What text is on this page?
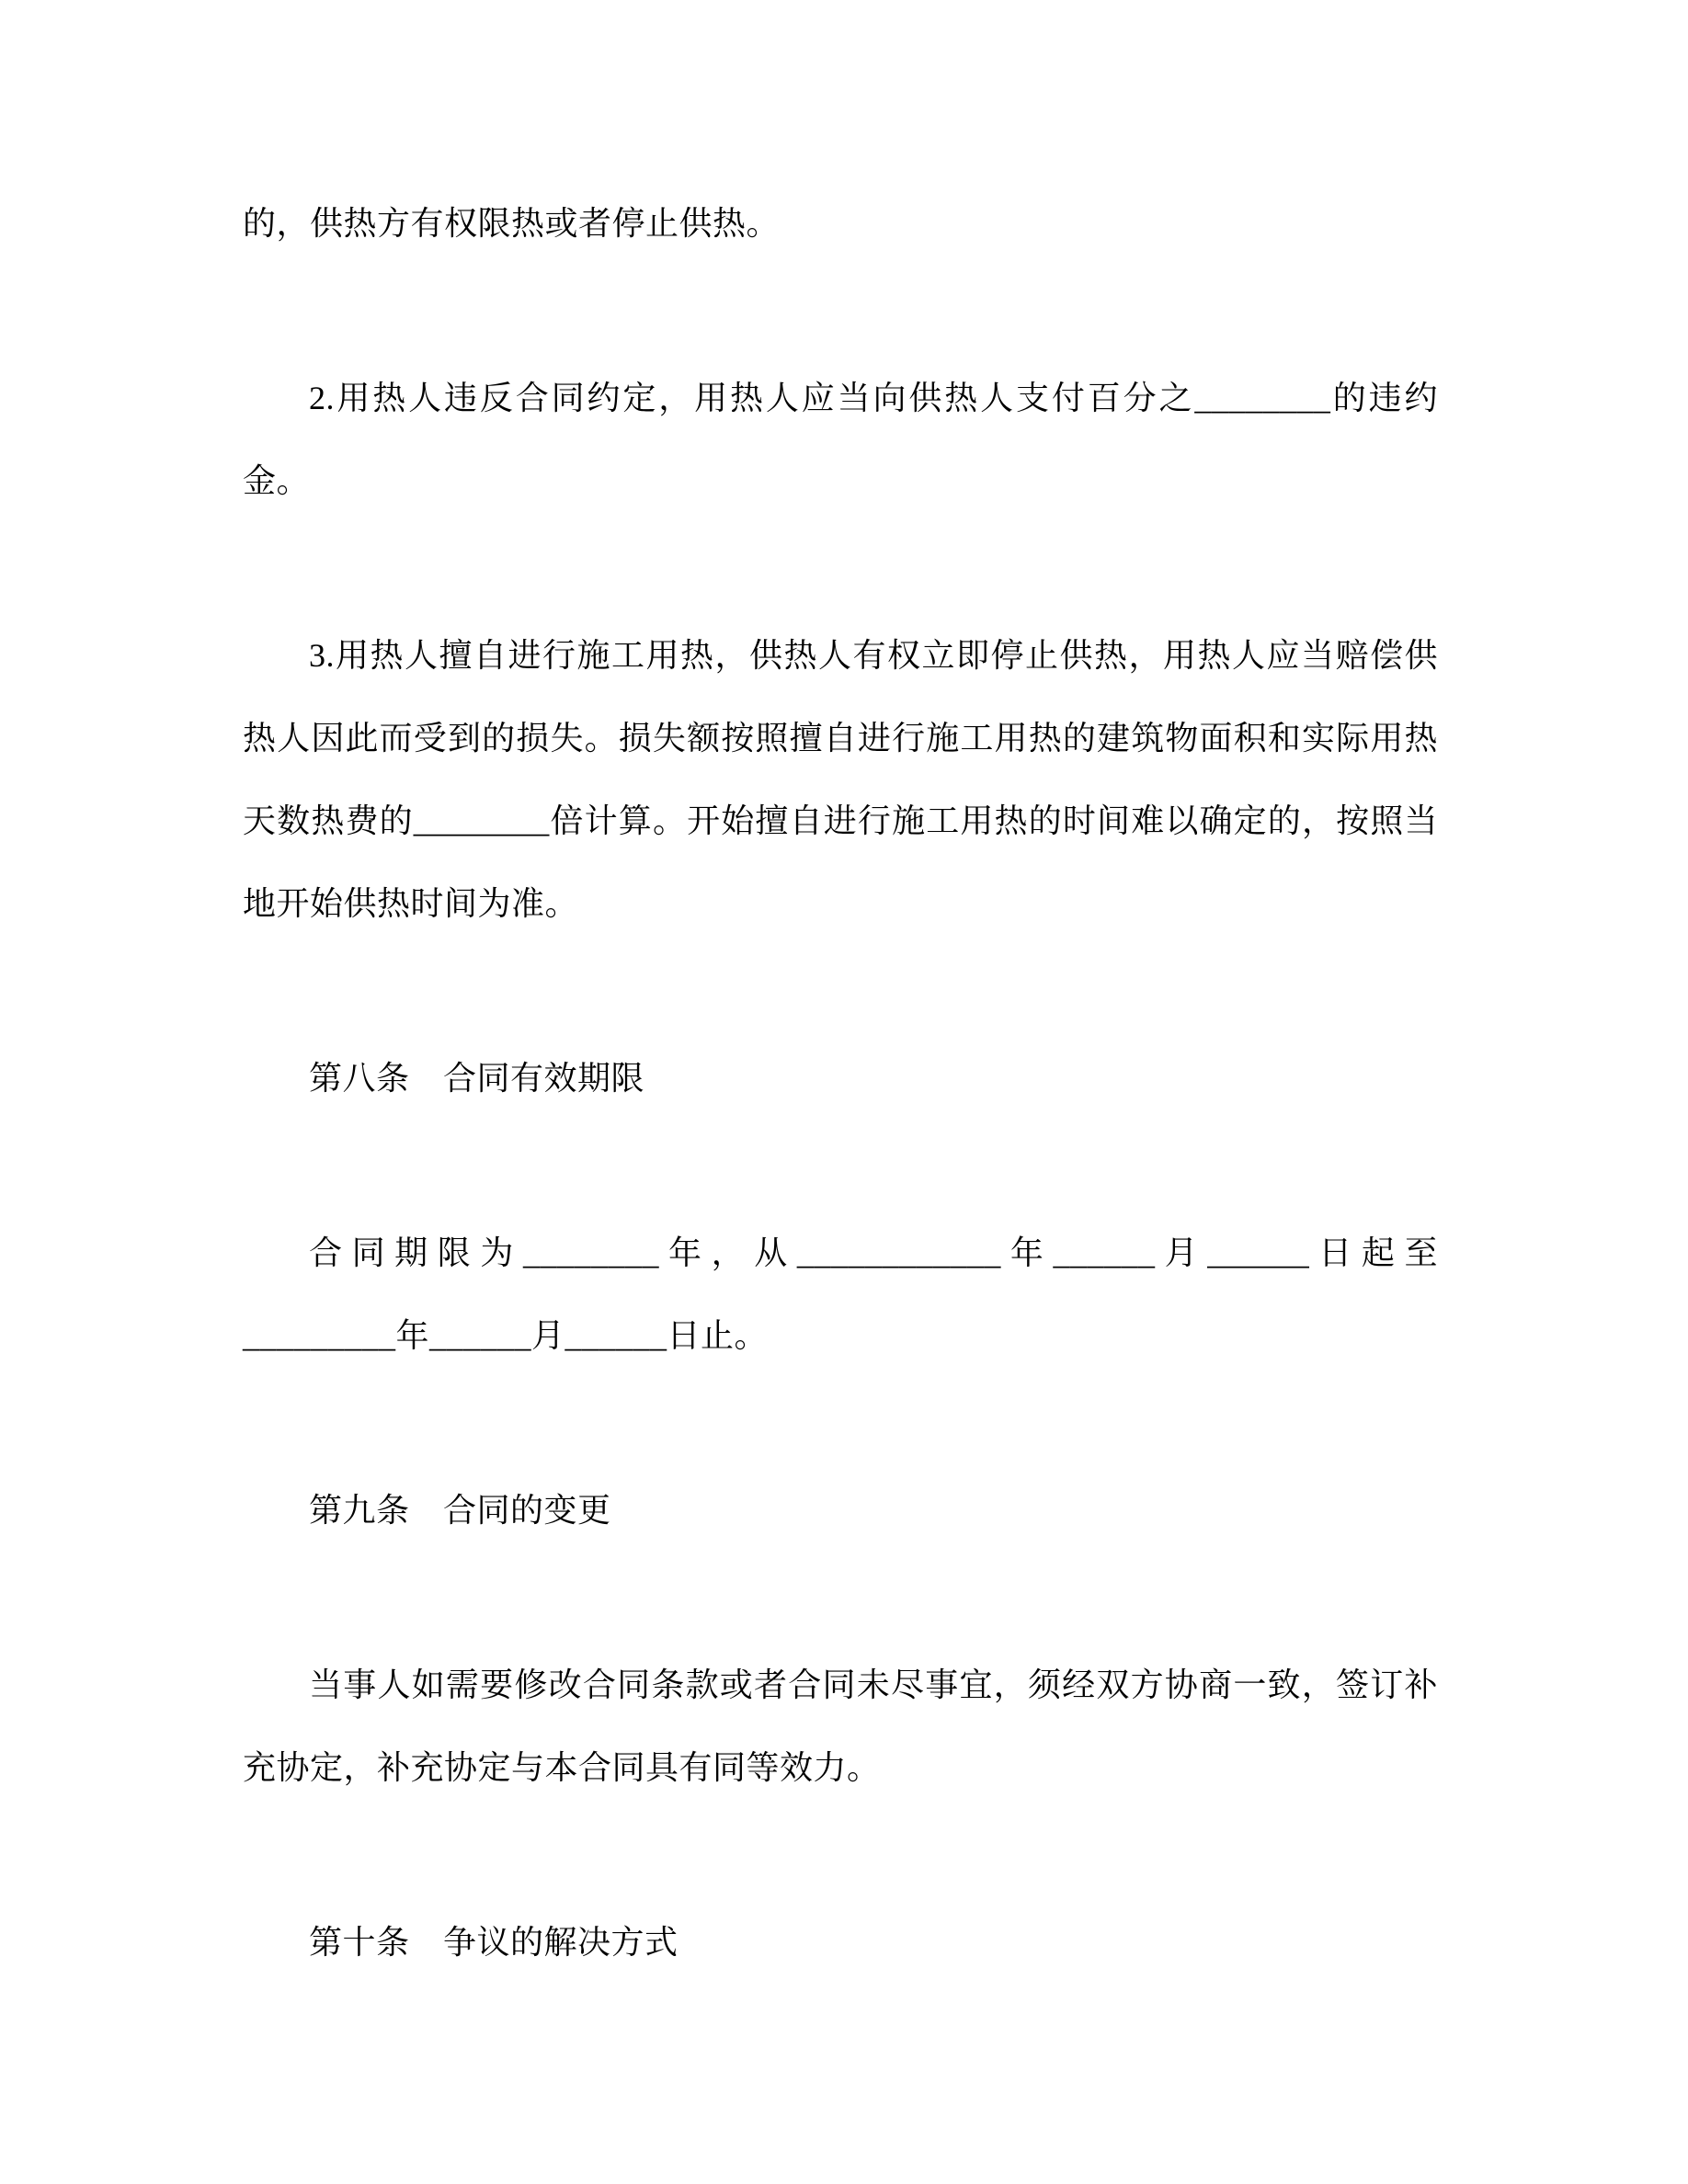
的，供热方有权限热或者停止供热。

2.用热人违反合同约定，用热人应当向供热人支付百分之________的违约金。

3.用热人擅自进行施工用热，供热人有权立即停止供热，用热人应当赔偿供热人因此而受到的损失。损失额按照擅自进行施工用热的建筑物面积和实际用热天数热费的________倍计算。开始擅自进行施工用热的时间难以确定的，按照当地开始供热时间为准。

第八条　合同有效期限

合同期限为________年，从____________年______月______日起至_________年______月______日止。

第九条　合同的变更

当事人如需要修改合同条款或者合同未尽事宜，须经双方协商一致，签订补充协定，补充协定与本合同具有同等效力。

第十条　争议的解决方式
